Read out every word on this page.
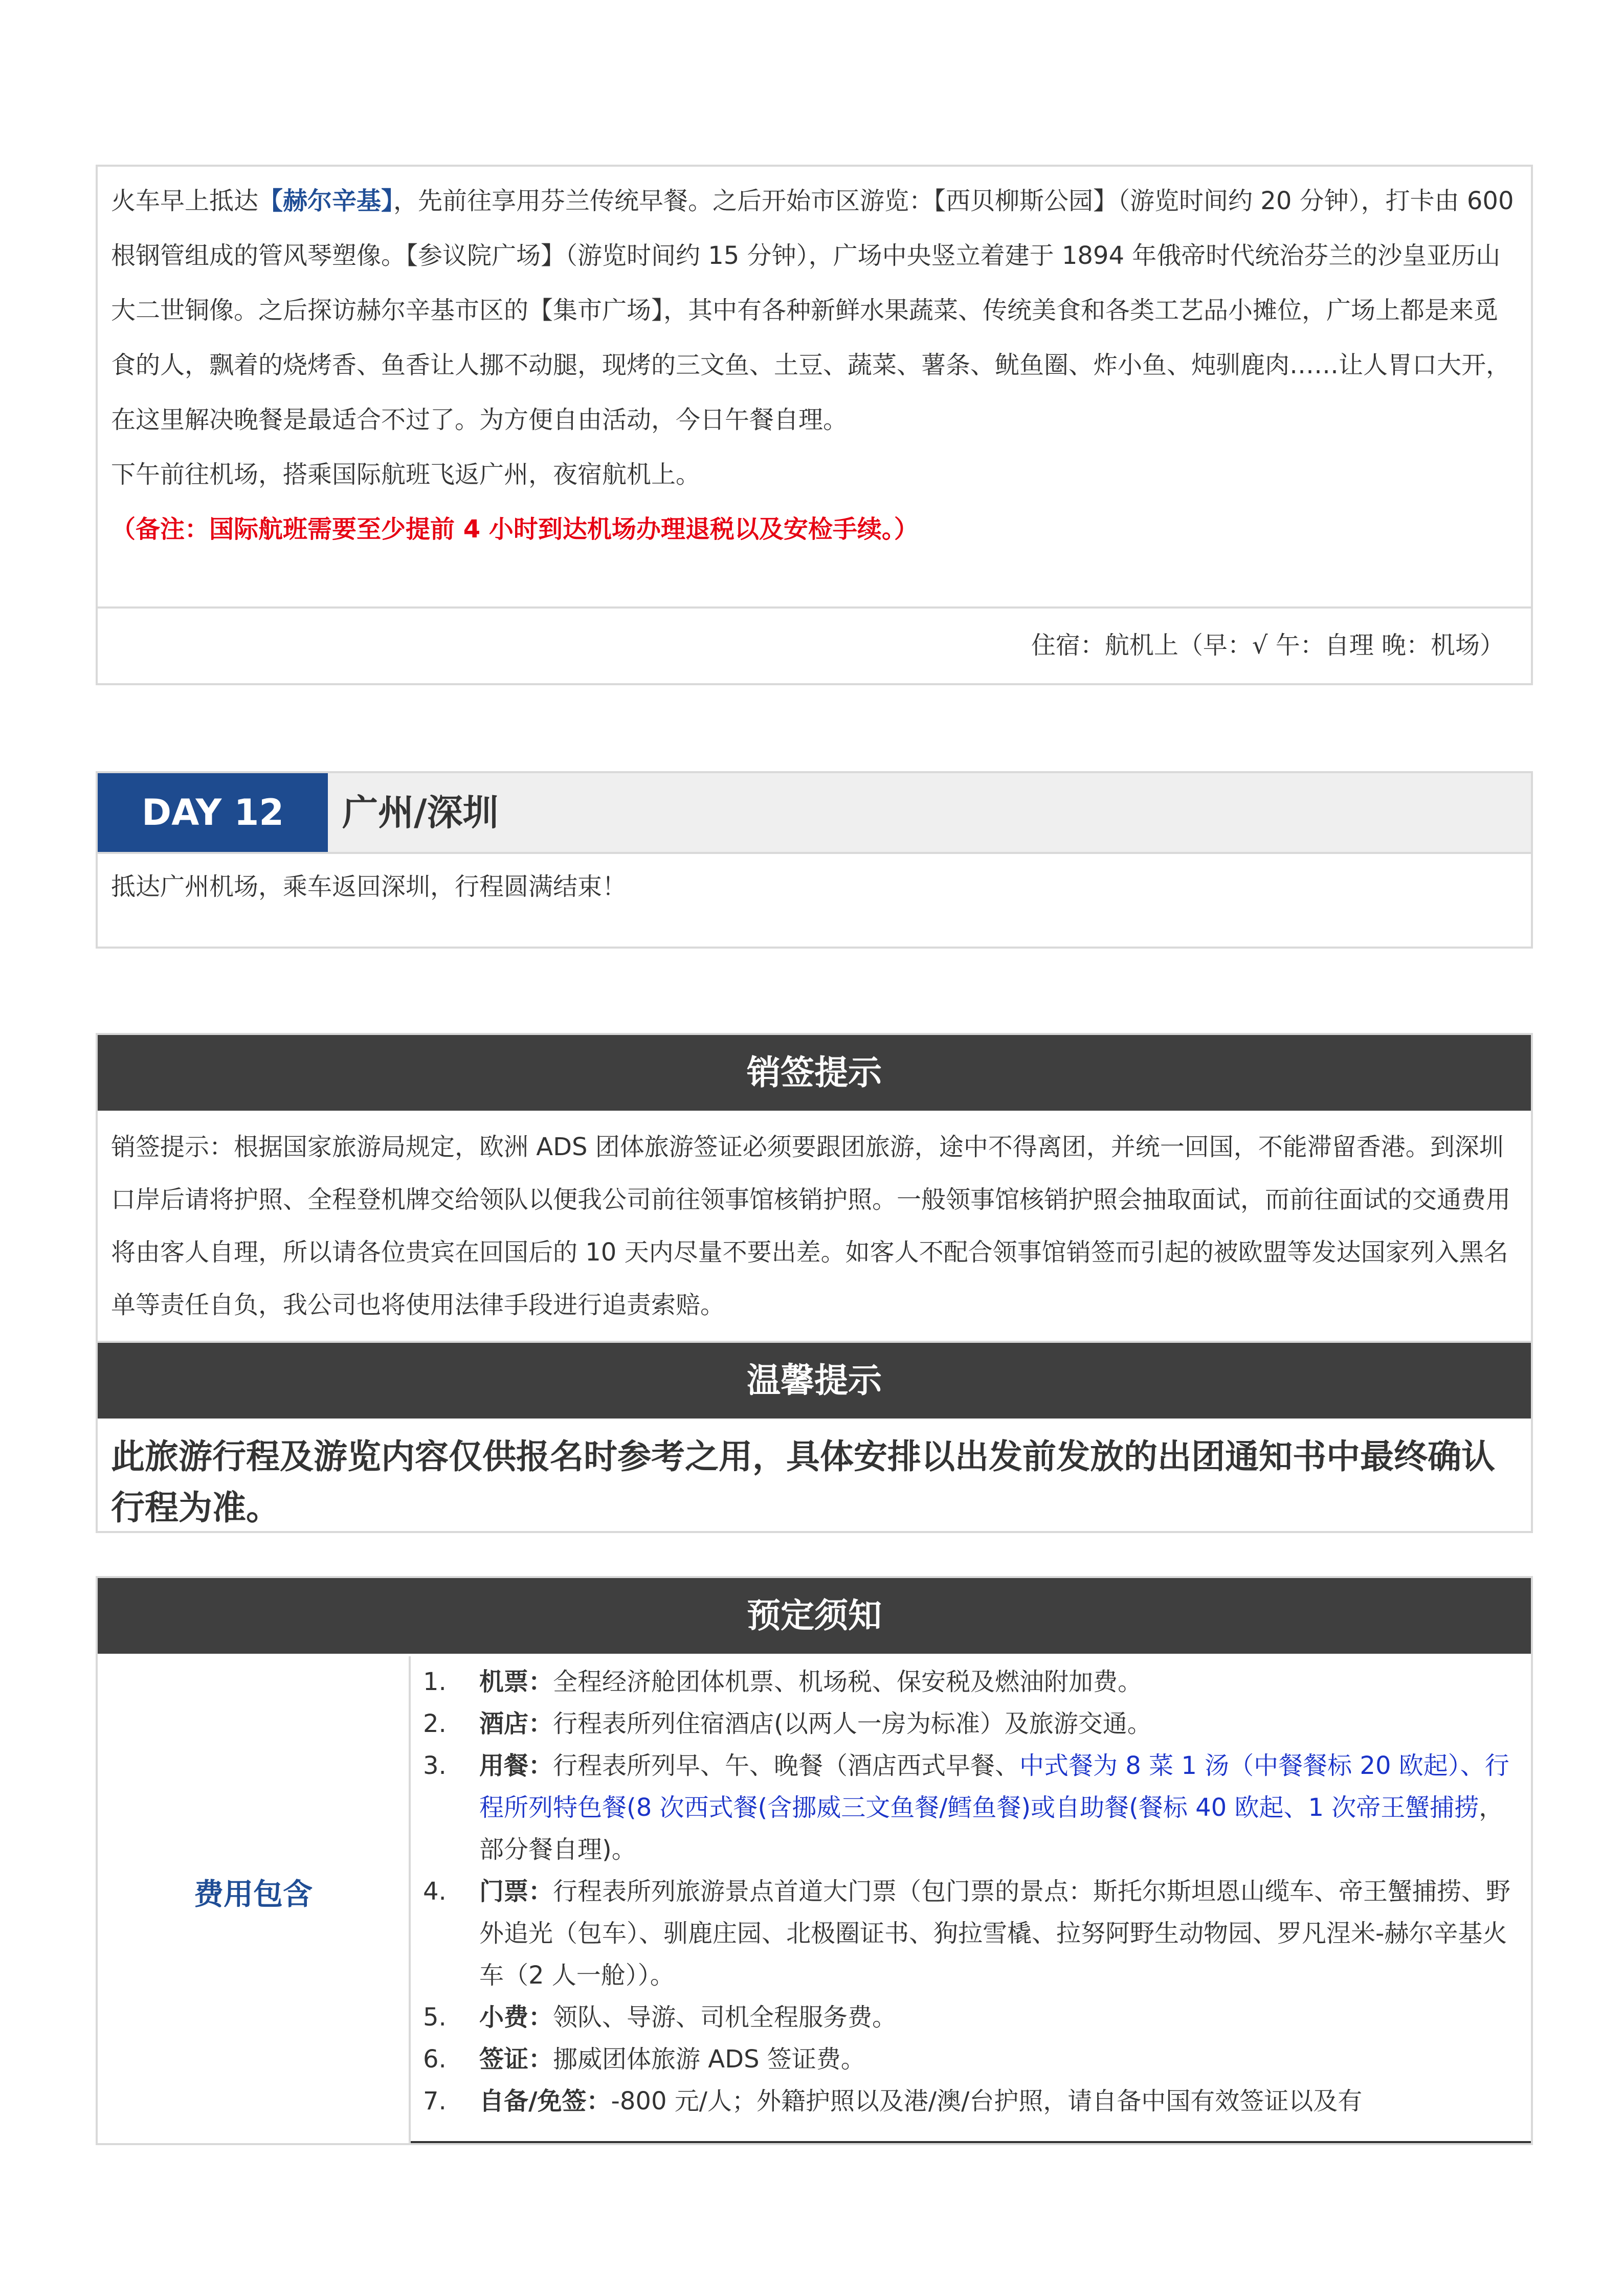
火车早上抵达【赫尔辛基】，先前往享用芬兰传统早餐。之后开始市区游览：【西贝柳斯公园】（游览时间约 20 分钟），打卡由 600 根钢管组成的管风琴塑像。【参议院广场】（游览时间约 15 分钟），广场中央竖立着建于 1894 年俄帝时代统治芬兰的沙皇亚历山大二世铜像。之后探访赫尔辛基市区的【集市广场】，其中有各种新鲜水果蔬菜、传统美食和各类工艺品小摊位，广场上都是来觅食的人，飘着的烧烤香、鱼香让人挪不动腿，现烤的三文鱼、土豆、蔬菜、薯条、鱿鱼圈、炸小鱼、炖驯鹿肉……让人胃口大开，在这里解决晚餐是最适合不过了。为方便自由活动，今日午餐自理。
下午前往机场，搭乘国际航班飞返广州，夜宿航机上。
（备注：国际航班需要至少提前 4 小时到达机场办理退税以及安检手续。）
住宿：航机上（早：√ 午：自理 晚：机场）
DAY 12	广州/深圳
抵达广州机场，乘车返回深圳，行程圆满结束！
销签提示
销签提示：根据国家旅游局规定，欧洲 ADS 团体旅游签证必须要跟团旅游，途中不得离团，并统一回国，不能滞留香港。到深圳口岸后请将护照、全程登机牌交给领队以便我公司前往领事馆核销护照。一般领事馆核销护照会抽取面试，而前往面试的交通费用将由客人自理，所以请各位贵宾在回国后的 10 天内尽量不要出差。如客人不配合领事馆销签而引起的被欧盟等发达国家列入黑名单等责任自负，我公司也将使用法律手段进行追责索赔。
温馨提示
此旅游行程及游览内容仅供报名时参考之用，具体安排以出发前发放的出团通知书中最终确认行程为准。
预定须知
费用包含
1. 机票：全程经济舱团体机票、机场税、保安税及燃油附加费。
2. 酒店：行程表所列住宿酒店(以两人一房为标准）及旅游交通。
3. 用餐：行程表所列早、午、晚餐（酒店西式早餐、中式餐为 8 菜 1 汤（中餐餐标 20 欧起）、行程所列特色餐(8 次西式餐(含挪威三文鱼餐/鳕鱼餐)或自助餐(餐标 40 欧起、1 次帝王蟹捕捞，部分餐自理)。
4. 门票：行程表所列旅游景点首道大门票（包门票的景点：斯托尔斯坦恩山缆车、帝王蟹捕捞、野外追光（包车）、驯鹿庄园、北极圈证书、狗拉雪橇、拉努阿野生动物园、罗凡涅米-赫尔辛基火车（2 人一舱））。
5. 小费：领队、导游、司机全程服务费。
6. 签证：挪威团体旅游 ADS 签证费。
7. 自备/免签：-800 元/人；外籍护照以及港/澳/台护照，请自备中国有效签证以及有
